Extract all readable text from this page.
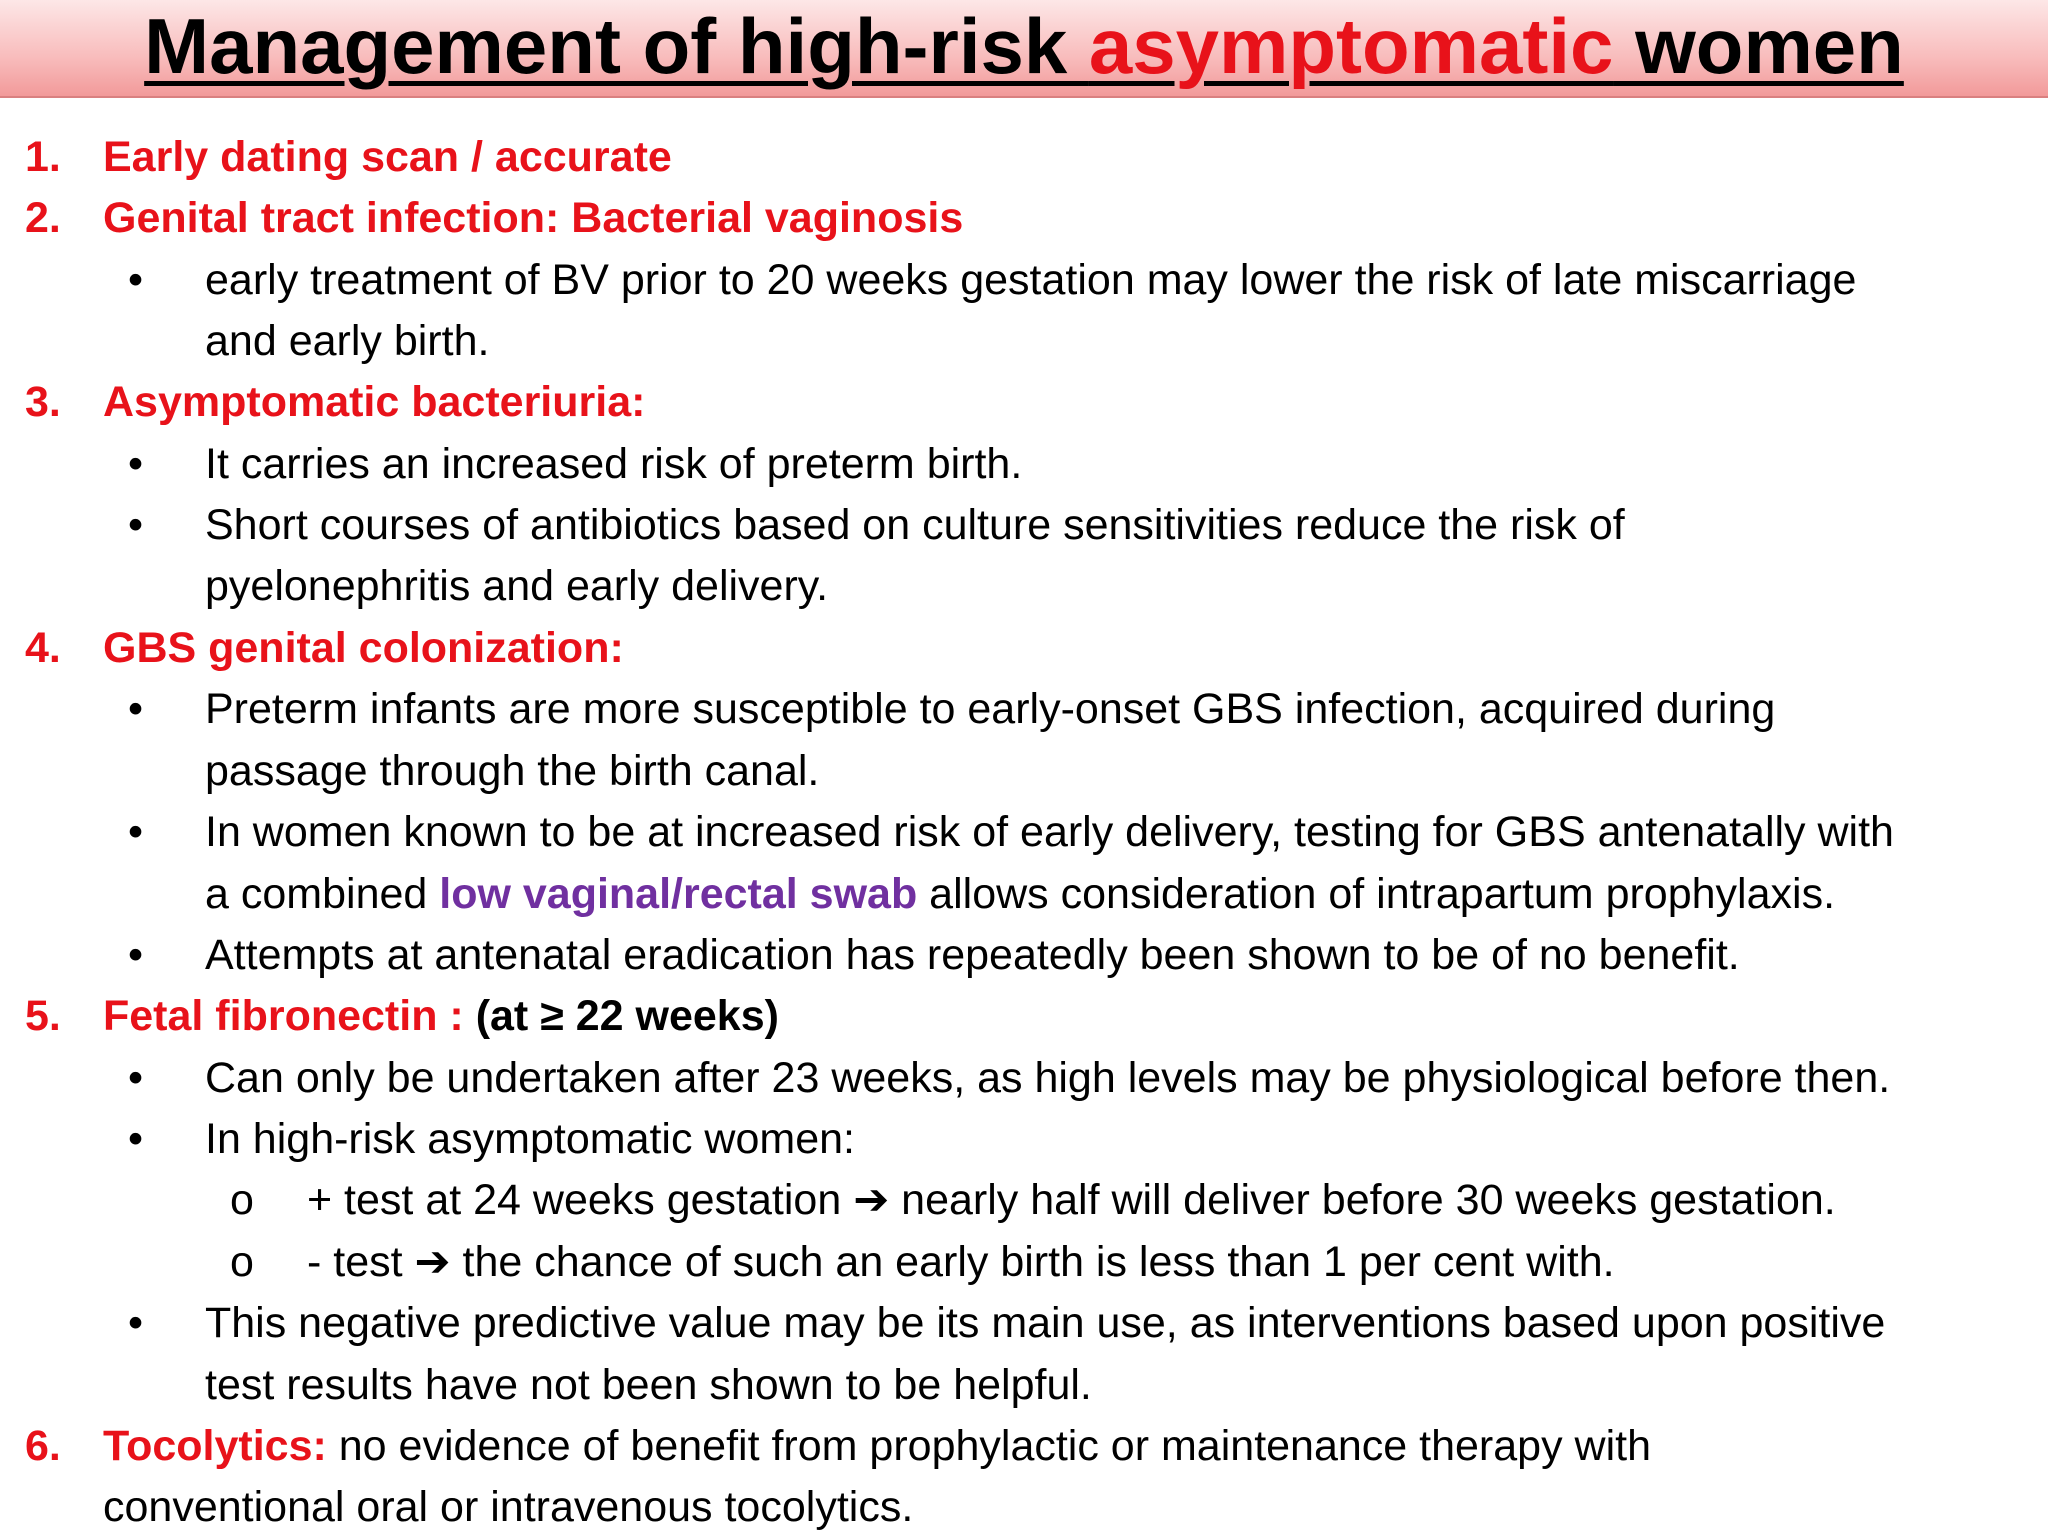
Management of high-risk asymptomatic women
1. Early dating scan / accurate
2. Genital tract infection: Bacterial vaginosis
• early treatment of BV prior to 20 weeks gestation may lower the risk of late miscarriage
and early birth.
3. Asymptomatic bacteriuria:
• It carries an increased risk of preterm birth.
• Short courses of antibiotics based on culture sensitivities reduce the risk of
pyelonephritis and early delivery.
4. GBS genital colonization:
• Preterm infants are more susceptible to early-onset GBS infection, acquired during
passage through the birth canal.
• In women known to be at increased risk of early delivery, testing for GBS antenatally with
a combined low vaginal/rectal swab allows consideration of intrapartum prophylaxis.
• Attempts at antenatal eradication has repeatedly been shown to be of no benefit.
5. Fetal fibronectin : (at ≥ 22 weeks)
• Can only be undertaken after 23 weeks, as high levels may be physiological before then.
• In high-risk asymptomatic women:
o + test at 24 weeks gestation ➔ nearly half will deliver before 30 weeks gestation.
o - test ➔ the chance of such an early birth is less than 1 per cent with.
• This negative predictive value may be its main use, as interventions based upon positive
test results have not been shown to be helpful.
6. Tocolytics: no evidence of benefit from prophylactic or maintenance therapy with
conventional oral or intravenous tocolytics.
